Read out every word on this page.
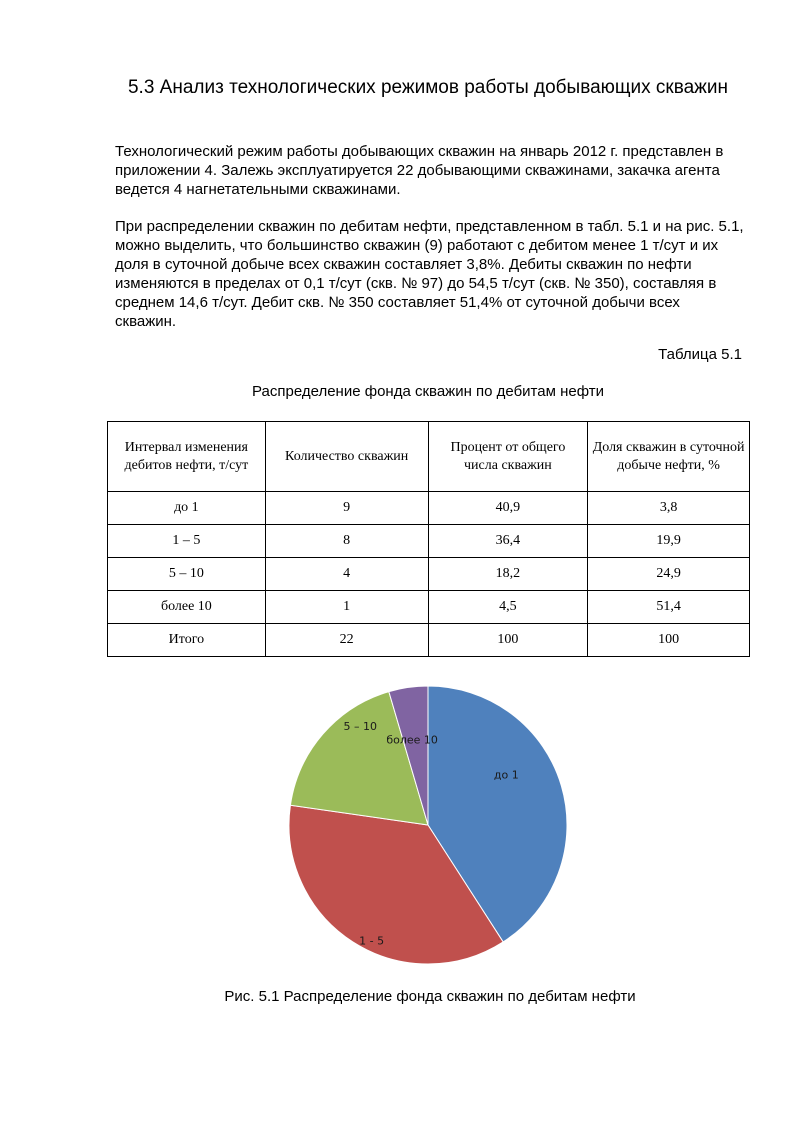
5.3 Анализ технологических режимов работы добывающих скважин

Технологический режим работы добывающих скважин на январь 2012 г. представлен в приложении 4. Залежь эксплуатируется 22 добывающими скважинами, закачка агента ведется 4 нагнетательными скважинами.

При распределении скважин по дебитам нефти, представленном в табл. 5.1 и на рис. 5.1, можно выделить, что большинство скважин (9) работают с дебитом менее 1 т/сут и их доля в суточной добыче всех скважин составляет 3,8%. Дебиты скважин по нефти изменяются в пределах от 0,1 т/сут (скв. № 97) до 54,5 т/сут (скв. № 350), составляя в среднем 14,6 т/сут. Дебит скв. № 350 составляет 51,4% от суточной добычи всех скважин.

Таблица 5.1
Распределение фонда скважин по дебитам нефти
Интервал изменения дебитов нефти, т/сут	Количество скважин	Процент от общего числа скважин	Доля скважин в суточной добыче нефти, %
до 1	9	40,9	3,8
1 – 5	8	36,4	19,9
5 – 10	4	18,2	24,9
более 10	1	4,5	51,4
Итого	22	100	100
до 1
1 - 5
5 – 10
более 10
Рис. 5.1 Распределение фонда скважин по дебитам нефти
